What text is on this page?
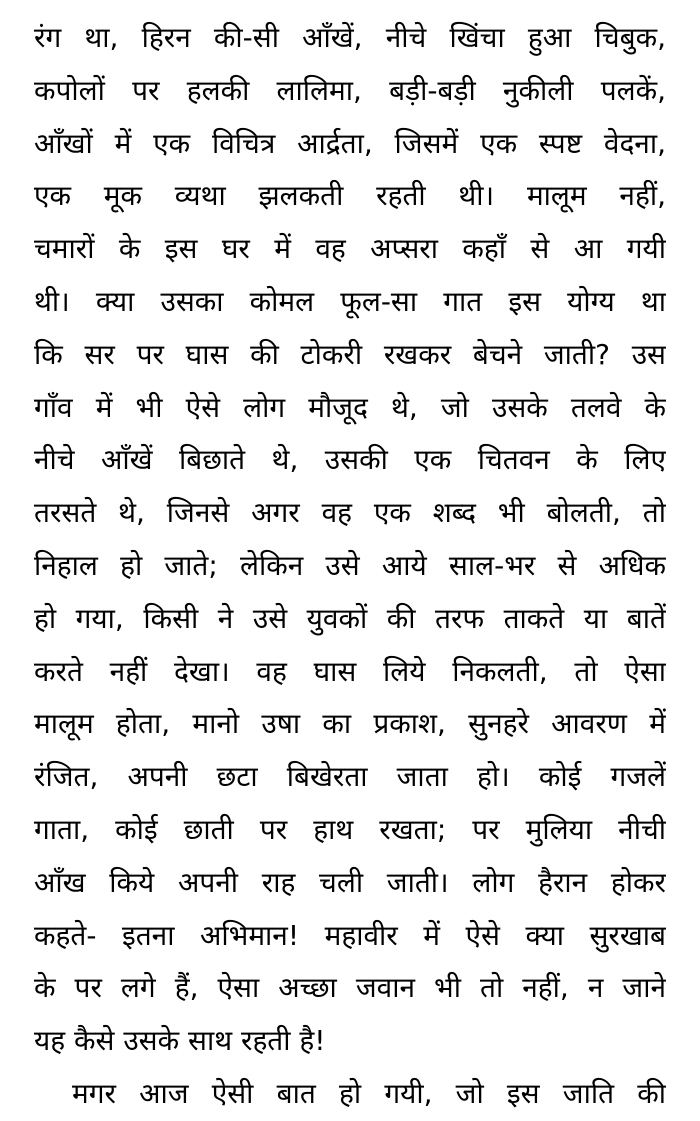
रंग था, हिरन की-सी आँखें, नीचे खिंचा हुआ चिबुक,
कपोलों पर हलकी लालिमा, बड़ी-बड़ी नुकीली पलकें,
आँखों में एक विचित्र आर्द्रता, जिसमें एक स्पष्ट वेदना,
एक मूक व्यथा झलकती रहती थी। मालूम नहीं,
चमारों के इस घर में वह अप्सरा कहाँ से आ गयी
थी। क्या उसका कोमल फूल-सा गात इस योग्य था
कि सर पर घास की टोकरी रखकर बेचने जाती? उस
गाँव में भी ऐसे लोग मौजूद थे, जो उसके तलवे के
नीचे आँखें बिछाते थे, उसकी एक चितवन के लिए
तरसते थे, जिनसे अगर वह एक शब्द भी बोलती, तो
निहाल हो जाते; लेकिन उसे आये साल-भर से अधिक
हो गया, किसी ने उसे युवकों की तरफ ताकते या बातें
करते नहीं देखा। वह घास लिये निकलती, तो ऐसा
मालूम होता, मानो उषा का प्रकाश, सुनहरे आवरण में
रंजित, अपनी छटा बिखेरता जाता हो। कोई गजलें
गाता, कोई छाती पर हाथ रखता; पर मुलिया नीची
आँख किये अपनी राह चली जाती। लोग हैरान होकर
कहते- इतना अभिमान! महावीर में ऐसे क्या सुरखाब
के पर लगे हैं, ऐसा अच्छा जवान भी तो नहीं, न जाने
यह कैसे उसके साथ रहती है!
मगर आज ऐसी बात हो गयी, जो इस जाति की
